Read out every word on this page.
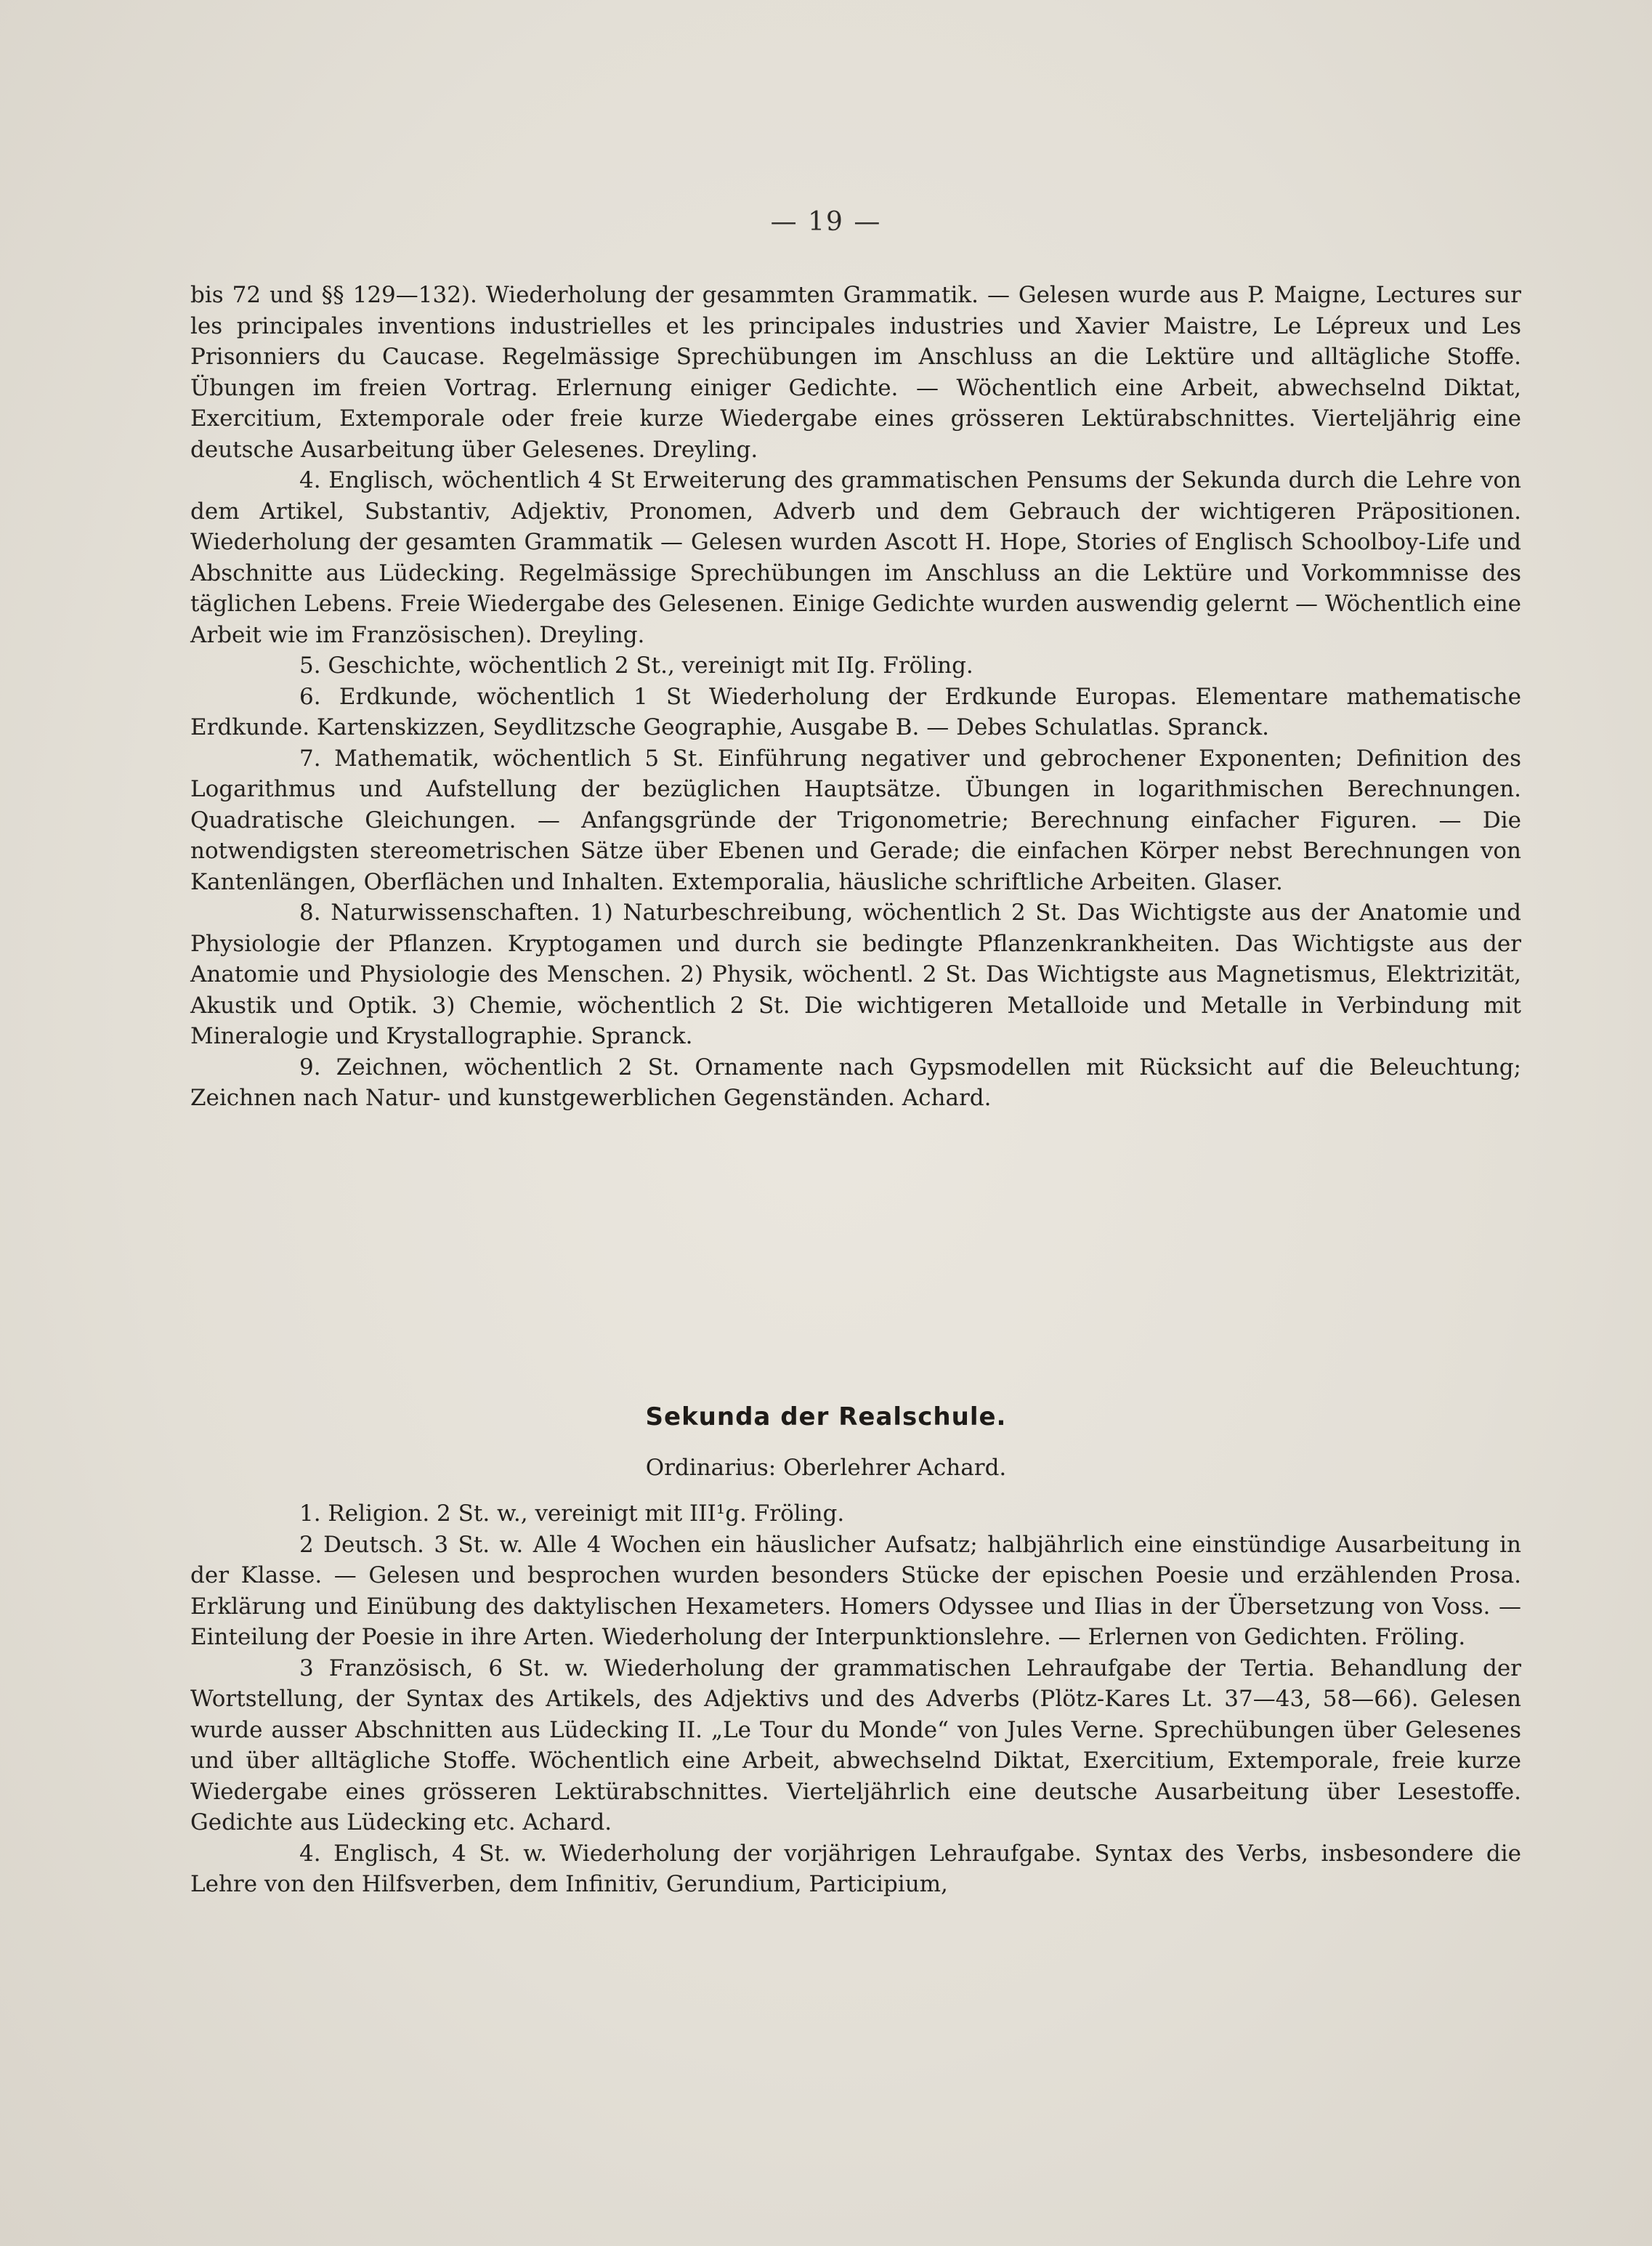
— 19 —

bis 72 und §§ 129—132). Wiederholung der gesammten Grammatik. — Gelesen wurde aus P. Maigne, Lectures sur les principales inventions industrielles et les principales industries und Xavier Maistre, Le Lépreux und Les Prisonniers du Caucase. Regelmässige Sprechübungen im Anschluss an die Lektüre und alltägliche Stoffe. Übungen im freien Vortrag. Erlernung einiger Gedichte. — Wöchentlich eine Arbeit, abwechselnd Diktat, Exercitium, Extemporale oder freie kurze Wiedergabe eines grösseren Lektürabschnittes. Vierteljährig eine deutsche Ausarbeitung über Gelesenes. Dreyling.

4. Englisch, wöchentlich 4 St Erweiterung des grammatischen Pensums der Sekunda durch die Lehre von dem Artikel, Substantiv, Adjektiv, Pronomen, Adverb und dem Gebrauch der wichtigeren Präpositionen. Wiederholung der gesamten Grammatik — Gelesen wurden Ascott H. Hope, Stories of Englisch Schoolboy-Life und Abschnitte aus Lüdecking. Regelmässige Sprechübungen im Anschluss an die Lektüre und Vorkommnisse des täglichen Lebens. Freie Wiedergabe des Gelesenen. Einige Gedichte wurden auswendig gelernt — Wöchentlich eine Arbeit wie im Französischen). Dreyling.

5. Geschichte, wöchentlich 2 St., vereinigt mit IIg. Fröling.

6. Erdkunde, wöchentlich 1 St Wiederholung der Erdkunde Europas. Elementare mathematische Erdkunde. Kartenskizzen, Seydlitzsche Geographie, Ausgabe B. — Debes Schulatlas. Spranck.

7. Mathematik, wöchentlich 5 St. Einführung negativer und gebrochener Exponenten; Definition des Logarithmus und Aufstellung der bezüglichen Hauptsätze. Übungen in logarithmischen Berechnungen. Quadratische Gleichungen. — Anfangsgründe der Trigonometrie; Berechnung einfacher Figuren. — Die notwendigsten stereometrischen Sätze über Ebenen und Gerade; die einfachen Körper nebst Berechnungen von Kantenlängen, Oberflächen und Inhalten. Extemporalia, häusliche schriftliche Arbeiten. Glaser.

8. Naturwissenschaften. 1) Naturbeschreibung, wöchentlich 2 St. Das Wichtigste aus der Anatomie und Physiologie der Pflanzen. Kryptogamen und durch sie bedingte Pflanzenkrankheiten. Das Wichtigste aus der Anatomie und Physiologie des Menschen. 2) Physik, wöchentl. 2 St. Das Wichtigste aus Magnetismus, Elektrizität, Akustik und Optik. 3) Chemie, wöchentlich 2 St. Die wichtigeren Metalloide und Metalle in Verbindung mit Mineralogie und Krystallographie. Spranck.

9. Zeichnen, wöchentlich 2 St. Ornamente nach Gypsmodellen mit Rücksicht auf die Beleuchtung; Zeichnen nach Natur- und kunstgewerblichen Gegenständen. Achard.

Sekunda der Realschule.
Ordinarius: Oberlehrer Achard.

1. Religion. 2 St. w., vereinigt mit III¹g. Fröling.

2 Deutsch. 3 St. w. Alle 4 Wochen ein häuslicher Aufsatz; halbjährlich eine einstündige Ausarbeitung in der Klasse. — Gelesen und besprochen wurden besonders Stücke der epischen Poesie und erzählenden Prosa. Erklärung und Einübung des daktylischen Hexameters. Homers Odyssee und Ilias in der Übersetzung von Voss. — Einteilung der Poesie in ihre Arten. Wiederholung der Interpunktionslehre. — Erlernen von Gedichten. Fröling.

3 Französisch, 6 St. w. Wiederholung der grammatischen Lehraufgabe der Tertia. Behandlung der Wortstellung, der Syntax des Artikels, des Adjektivs und des Adverbs (Plötz-Kares Lt. 37—43, 58—66). Gelesen wurde ausser Abschnitten aus Lüdecking II. „Le Tour du Monde“ von Jules Verne. Sprechübungen über Gelesenes und über alltägliche Stoffe. Wöchentlich eine Arbeit, abwechselnd Diktat, Exercitium, Extemporale, freie kurze Wiedergabe eines grösseren Lektürabschnittes. Vierteljährlich eine deutsche Ausarbeitung über Lesestoffe. Gedichte aus Lüdecking etc. Achard.

4. Englisch, 4 St. w. Wiederholung der vorjährigen Lehraufgabe. Syntax des Verbs, insbesondere die Lehre von den Hilfsverben, dem Infinitiv, Gerundium, Participium,
